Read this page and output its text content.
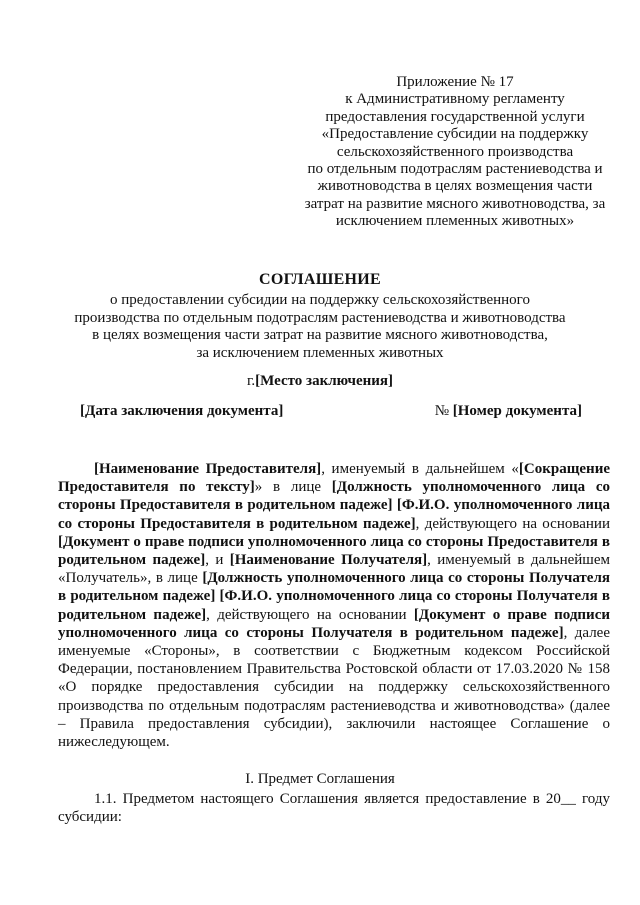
Приложение № 17
к Административному регламенту
предоставления государственной услуги
«Предоставление субсидии на поддержку
сельскохозяйственного производства
по отдельным подотраслям растениеводства и
животноводства в целях возмещения части
затрат на развитие мясного животноводства, за
исключением племенных животных»
СОГЛАШЕНИЕ
о предоставлении субсидии на поддержку сельскохозяйственного
производства по отдельным подотраслям растениеводства и животноводства
в целях возмещения части затрат на развитие мясного животноводства,
за исключением племенных животных
г.[Место заключения]
[Дата заключения документа]	№ [Номер документа]

[Наименование Предоставителя], именуемый в дальнейшем «[Сокращение Предоставителя по тексту]» в лице [Должность уполномоченного лица со стороны Предоставителя в родительном падеже] [Ф.И.О. уполномоченного лица со стороны Предоставителя в родительном падеже], действующего на основании [Документ о праве подписи уполномоченного лица со стороны Предоставителя в родительном падеже], и [Наименование Получателя], именуемый в дальнейшем «Получатель», в лице [Должность уполномоченного лица со стороны Получателя в родительном падеже] [Ф.И.О. уполномоченного лица со стороны Получателя в родительном падеже], действующего на основании [Документ о праве подписи уполномоченного лица со стороны Получателя в родительном падеже], далее именуемые «Стороны», в соответствии с Бюджетным кодексом Российской Федерации, постановлением Правительства Ростовской области от 17.03.2020 № 158 «О порядке предоставления субсидии на поддержку сельскохозяйственного производства по отдельным подотраслям растениеводства и животноводства» (далее – Правила предоставления субсидии), заключили настоящее Соглашение о нижеследующем.

I. Предмет Соглашения

1.1. Предметом настоящего Соглашения является предоставление в 20__ году субсидии:
